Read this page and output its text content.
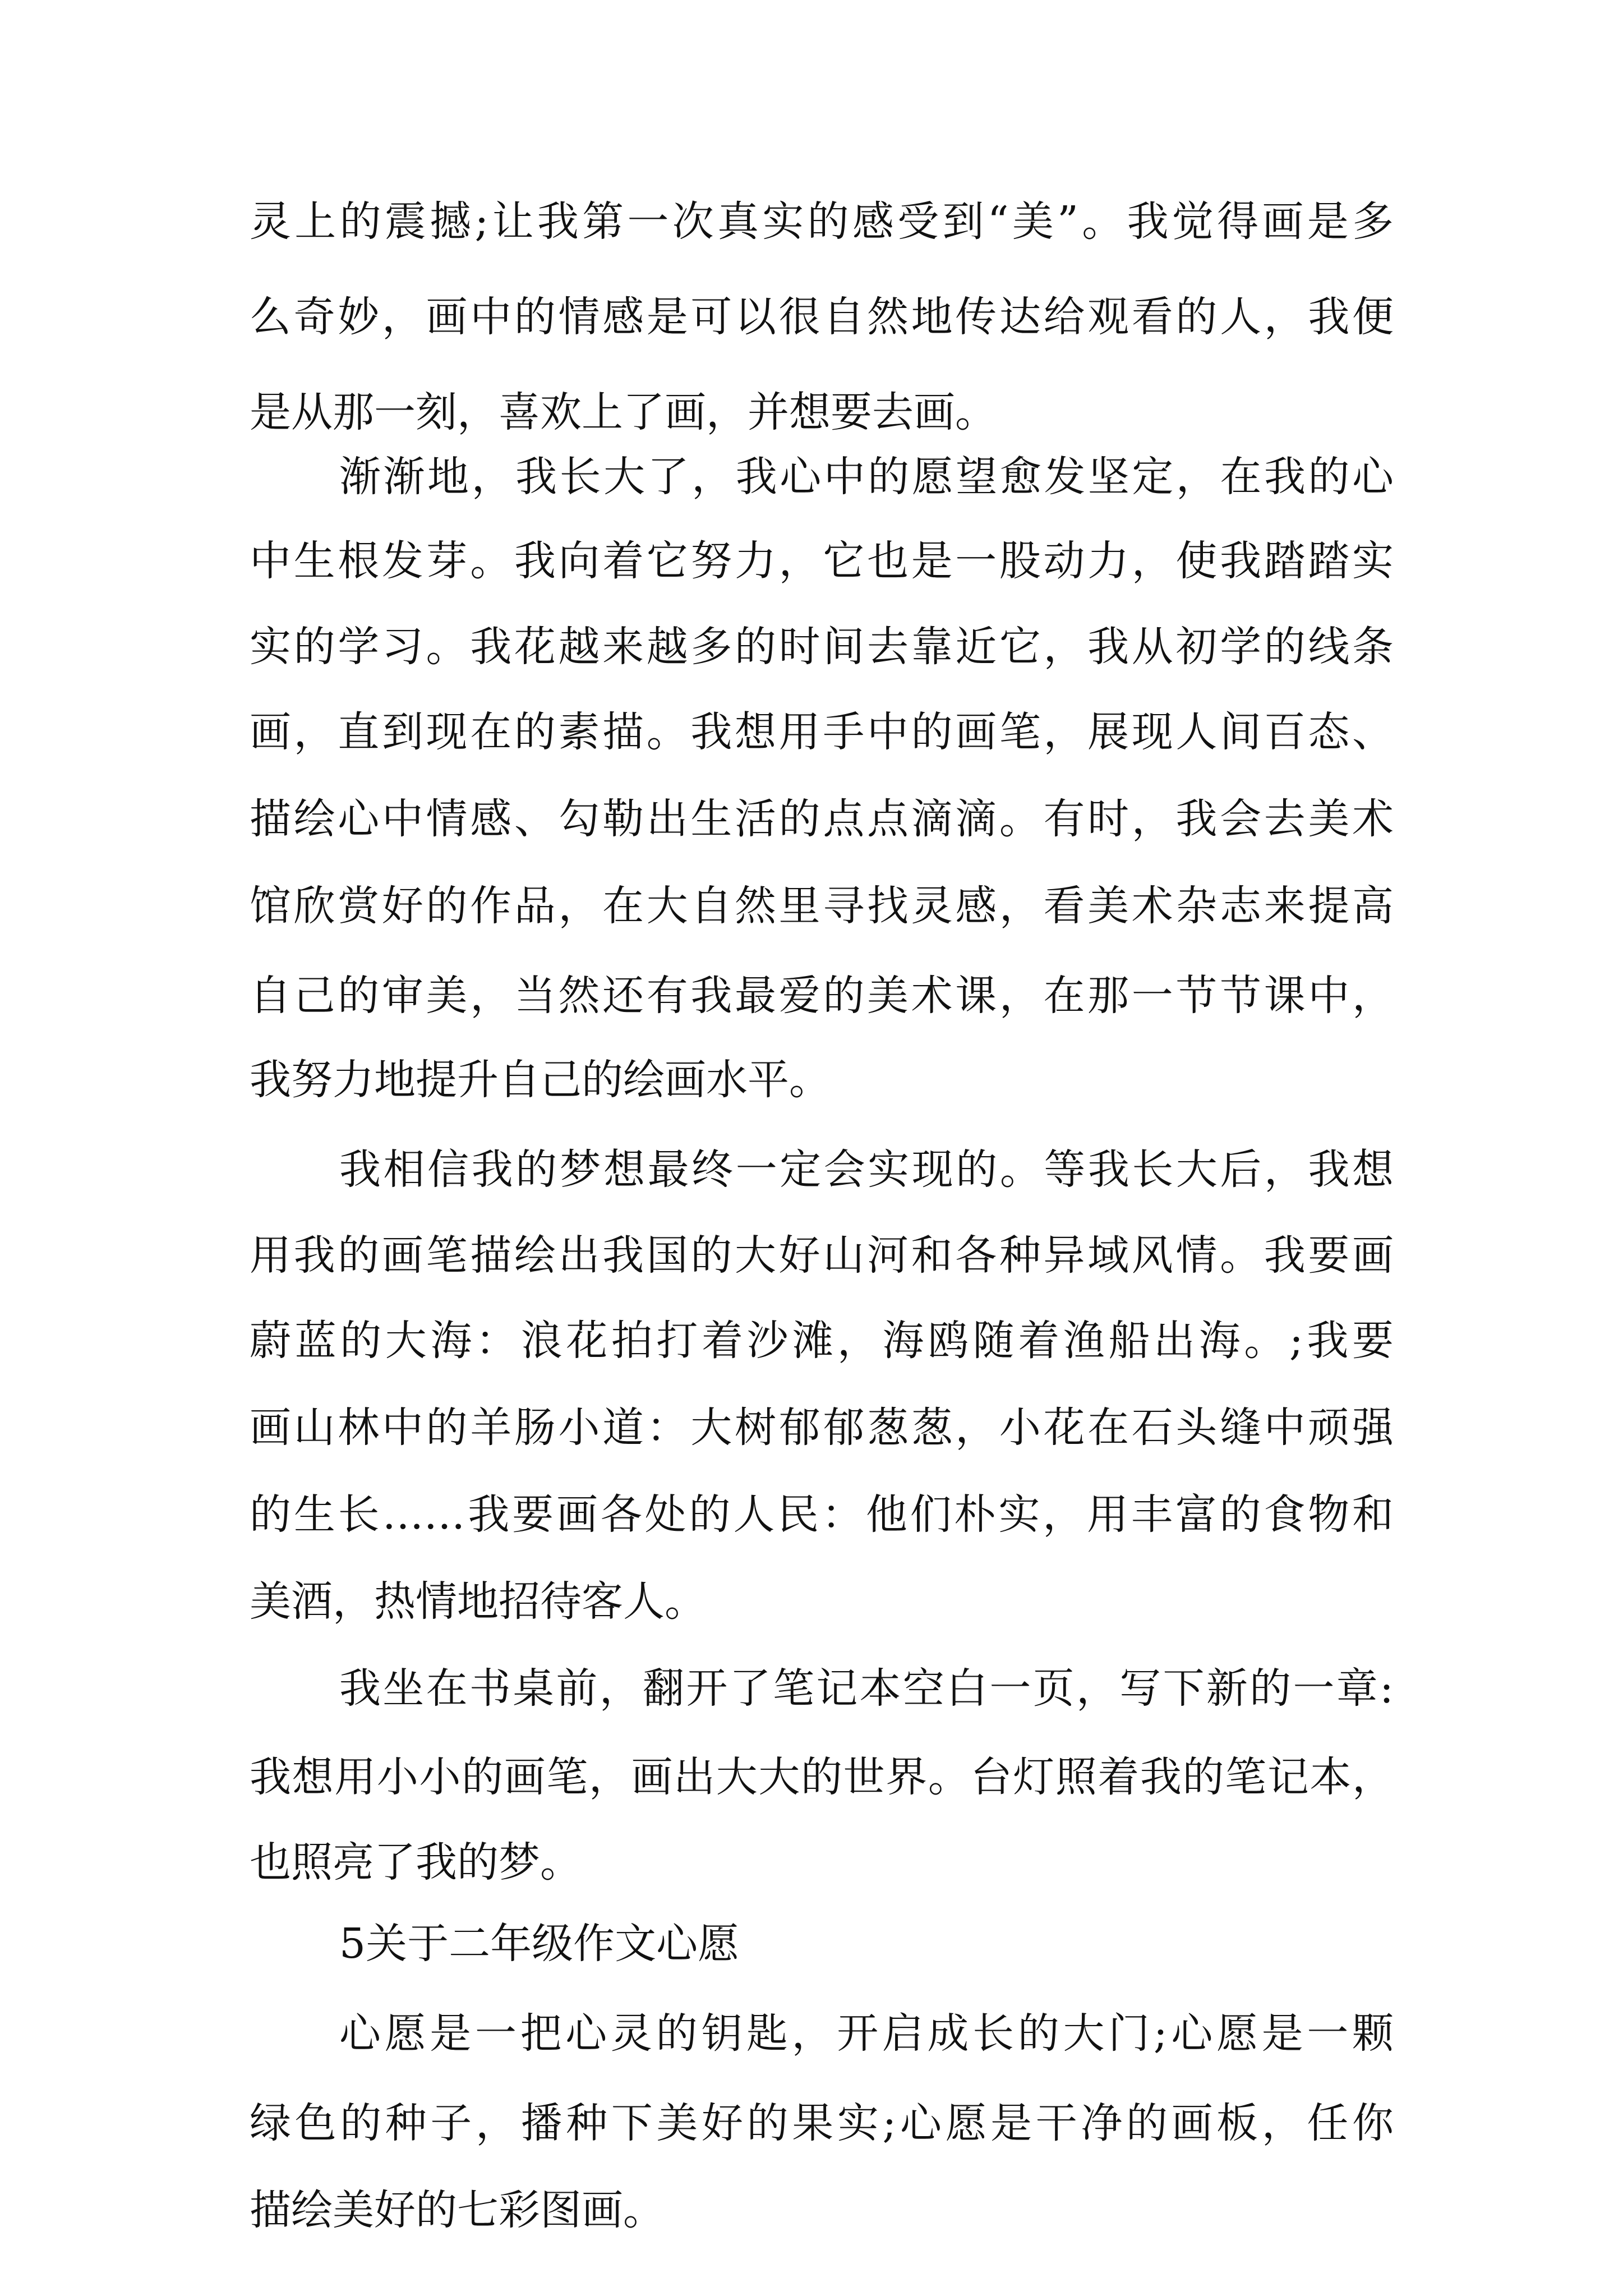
灵上的震撼;让我第一次真实的感受到“美”。我觉得画是多
么奇妙，画中的情感是可以很自然地传达给观看的人，我便
是从那一刻，喜欢上了画，并想要去画。
渐渐地，我长大了，我心中的愿望愈发坚定，在我的心
中生根发芽。我向着它努力，它也是一股动力，使我踏踏实
实的学习。我花越来越多的时间去靠近它，我从初学的线条
画，直到现在的素描。我想用手中的画笔，展现人间百态、
描绘心中情感、勾勒出生活的点点滴滴。有时，我会去美术
馆欣赏好的作品，在大自然里寻找灵感，看美术杂志来提高
自己的审美，当然还有我最爱的美术课，在那一节节课中，
我努力地提升自己的绘画水平。
我相信我的梦想最终一定会实现的。等我长大后，我想
用我的画笔描绘出我国的大好山河和各种异域风情。我要画
蔚蓝的大海：浪花拍打着沙滩，海鸥随着渔船出海。;我要
画山林中的羊肠小道：大树郁郁葱葱，小花在石头缝中顽强
的生长……我要画各处的人民：他们朴实，用丰富的食物和
美酒，热情地招待客人。
我坐在书桌前，翻开了笔记本空白一页，写下新的一章:
我想用小小的画笔，画出大大的世界。台灯照着我的笔记本，
也照亮了我的梦。
5关于二年级作文心愿
心愿是一把心灵的钥匙，开启成长的大门;心愿是一颗
绿色的种子，播种下美好的果实;心愿是干净的画板，任你
描绘美好的七彩图画。
